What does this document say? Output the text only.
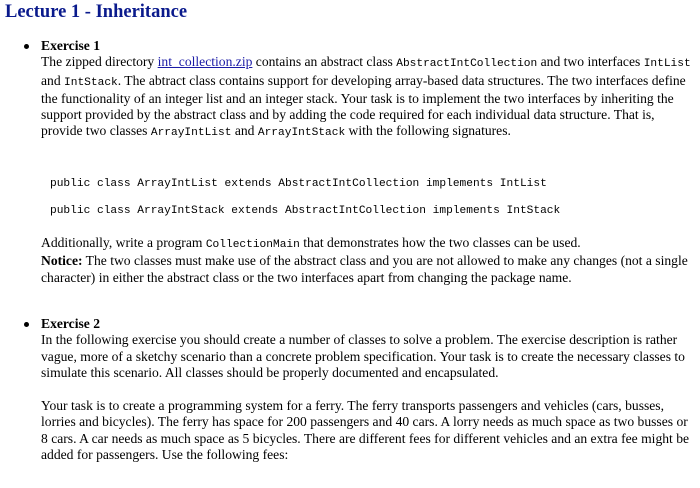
Lecture 1 - Inheritance
Exercise 1

The zipped directory int_collection.zip contains an abstract class AbstractIntCollection and two interfaces IntList and IntStack. The abtract class contains support for developing array-based data structures. The two interfaces define the functionality of an integer list and an integer stack. Your task is to implement the two interfaces by inheriting the support provided by the abstract class and by adding the code required for each individual data structure. That is, provide two classes ArrayIntList and ArrayIntStack with the following signatures.

public class ArrayIntList extends AbstractIntCollection implements IntList
public class ArrayIntStack extends AbstractIntCollection implements IntStack

Additionally, write a program CollectionMain that demonstrates how the two classes can be used.

Notice: The two classes must make use of the abstract class and you are not allowed to make any changes (not a single character) in either the abstract class or the two interfaces apart from changing the package name.

Exercise 2

In the following exercise you should create a number of classes to solve a problem. The exercise description is rather vague, more of a sketchy scenario than a concrete problem specification. Your task is to create the necessary classes to simulate this scenario. All classes should be properly documented and encapsulated.

Your task is to create a programming system for a ferry. The ferry transports passengers and vehicles (cars, busses, lorries and bicycles). The ferry has space for 200 passengers and 40 cars. A lorry needs as much space as two busses or 8 cars. A car needs as much space as 5 bicycles. There are different fees for different vehicles and an extra fee might be added for passengers. Use the following fees:
